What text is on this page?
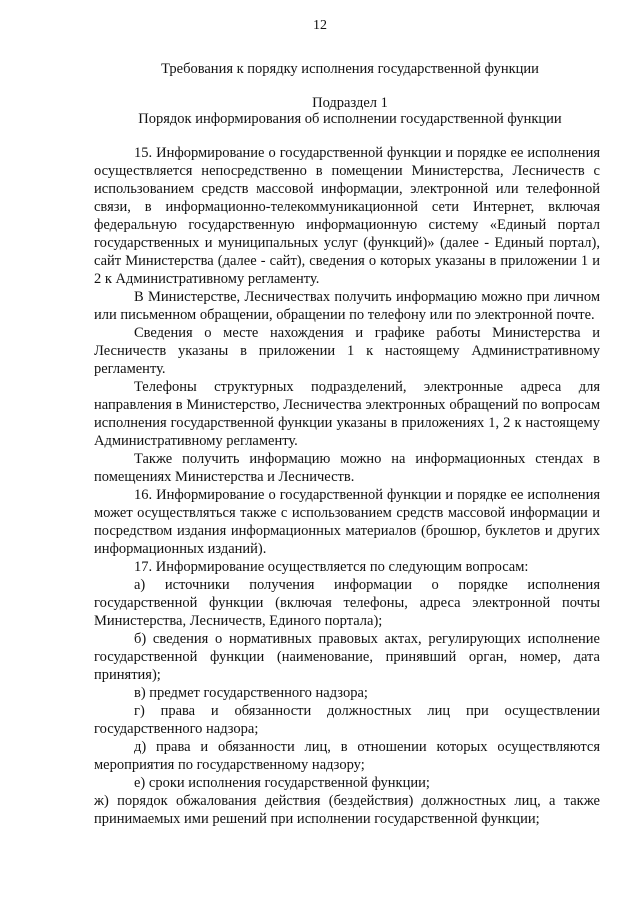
12
Требования к порядку исполнения государственной функции
Подраздел 1
Порядок информирования об исполнении государственной функции

15. Информирование о государственной функции и порядке ее исполнения осуществляется непосредственно в помещении Министерства, Лесничеств с использованием средств массовой информации, электронной или телефонной связи, в информационно-телекоммуникационной сети Интернет, включая федеральную государственную информационную систему «Единый портал государственных и муниципальных услуг (функций)» (далее - Единый портал), сайт Министерства (далее - сайт), сведения о которых указаны в приложении 1 и 2 к Административному регламенту.

В Министерстве, Лесничествах получить информацию можно при личном или письменном обращении, обращении по телефону или по электронной почте.

Сведения о месте нахождения и графике работы Министерства и Лесничеств указаны в приложении 1 к настоящему Административному регламенту.

Телефоны структурных подразделений, электронные адреса для направления в Министерство, Лесничества электронных обращений по вопросам исполнения государственной функции указаны в приложениях 1, 2 к настоящему Административному регламенту.

Также получить информацию можно на информационных стендах в помещениях Министерства и Лесничеств.

16. Информирование о государственной функции и порядке ее исполнения может осуществляться также с использованием средств массовой информации и посредством издания информационных материалов (брошюр, буклетов и других информационных изданий).

17. Информирование осуществляется по следующим вопросам:

а) источники получения информации о порядке исполнения государственной функции (включая телефоны, адреса электронной почты Министерства, Лесничеств, Единого портала);

б) сведения о нормативных правовых актах, регулирующих исполнение государственной функции (наименование, принявший орган, номер, дата принятия);

в) предмет государственного надзора;

г) права и обязанности должностных лиц при осуществлении государственного надзора;

д) права и обязанности лиц, в отношении которых осуществляются мероприятия по государственному надзору;

е) сроки исполнения государственной функции;

ж) порядок обжалования действия (бездействия) должностных лиц, а также принимаемых ими решений при исполнении государственной функции;
